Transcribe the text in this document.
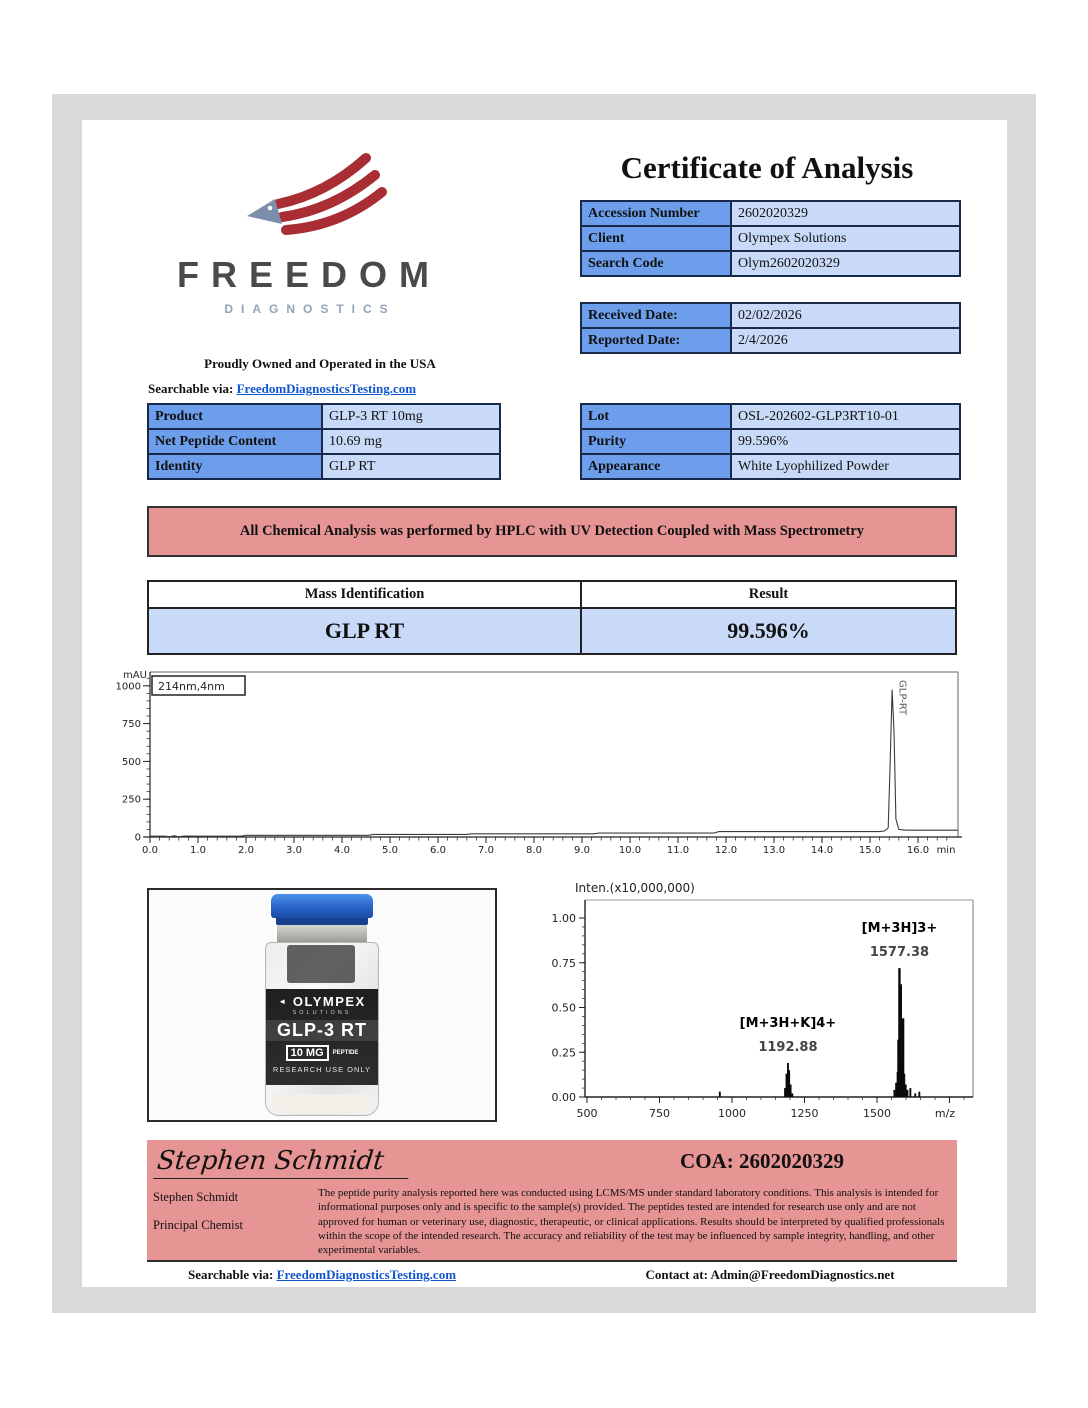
FREEDOM
DIAGNOSTICS
Proudly Owned and Operated in the USA
Searchable via: FreedomDiagnosticsTesting.com
Certificate of Analysis
Accession Number	2602020329
Client	Olympex Solutions
Search Code	Olym2602020329
Received Date:	02/02/2026
Reported Date:	2/4/2026
Product	GLP-3 RT 10mg
Net Peptide Content	10.69 mg
Identity	GLP RT
Lot	OSL-202602-GLP3RT10-01
Purity	99.596%
Appearance	White Lyophilized Powder
All Chemical Analysis was performed by HPLC with UV Detection Coupled with Mass Spectrometry
Mass Identification	Result
GLP RT	99.596%
0
250
500
750
1000
0.0	1.0	2.0	3.0	4.0	5.0	6.0	7.0	8.0	9.0	10.0	11.0	12.0	13.0	14.0	15.0	16.0 min
mAU
214nm,4nm	GLP-RT
◄ OLYMPEX
SOLUTIONS
GLP-3 RT
10 MG	PEPTIDE
RESEARCH USE ONLY
0.00
0.25
0.50
0.75
1.00
500	750	1000	1250	1500	m/z
Inten.(x10,000,000)
[M+3H+K]4+
1192.88
[M+3H]3+
1577.38
Stephen Schmidt	COA: 2602020329
Stephen Schmidt
Principal Chemist
The peptide purity analysis reported here was conducted using LCMS/MS under standard laboratory conditions. This analysis is intended for informational purposes only and is specific to the sample(s) provided. The peptides tested are intended for research use only and are not approved for human or veterinary use, diagnostic, therapeutic, or clinical applications. Results should be interpreted by qualified professionals within the scope of the intended research. The accuracy and reliability of the test may be influenced by sample integrity, handling, and other experimental variables.
Searchable via: FreedomDiagnosticsTesting.com	Contact at: Admin@FreedomDiagnostics.net
